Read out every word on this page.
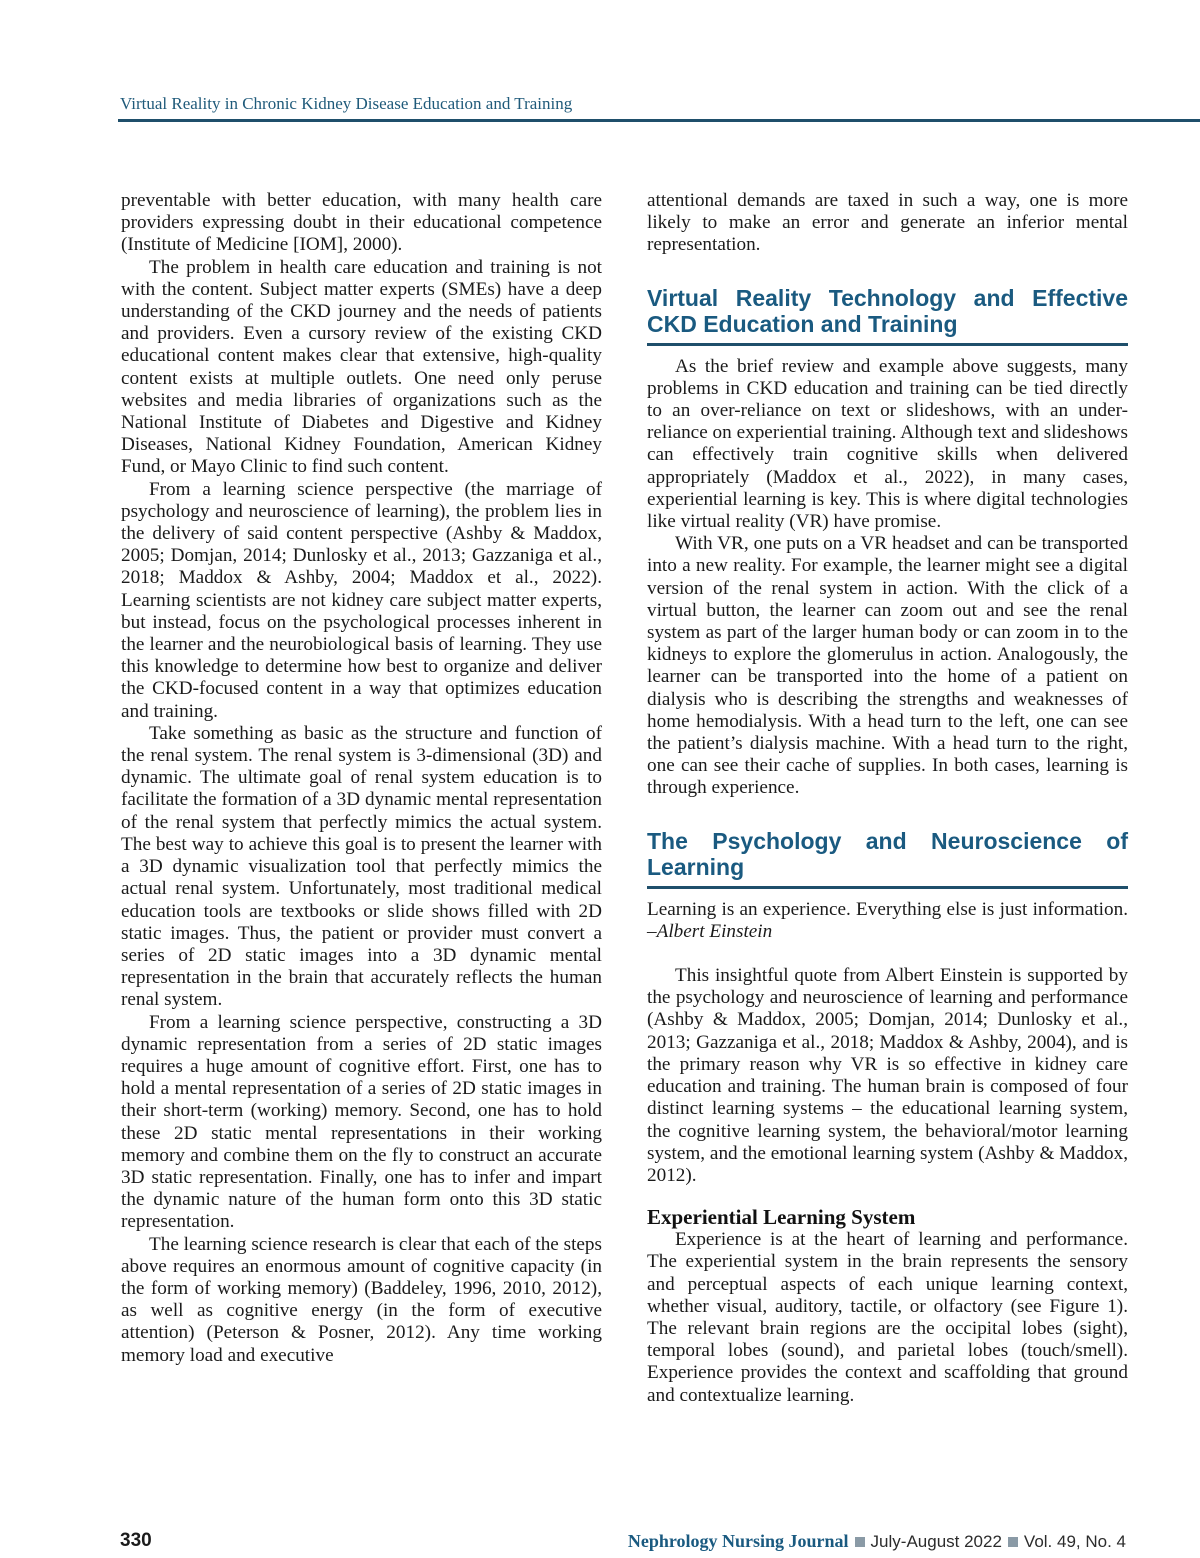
Virtual Reality in Chronic Kidney Disease Education and Training

preventable with better education, with many health care providers expressing doubt in their educational competence (Institute of Medicine [IOM], 2000).

The problem in health care education and training is not with the content. Subject matter experts (SMEs) have a deep understanding of the CKD journey and the needs of patients and providers. Even a cursory review of the existing CKD educational content makes clear that extensive, high-quality content exists at multiple outlets. One need only peruse websites and media libraries of organizations such as the National Institute of Diabetes and Digestive and Kidney Diseases, National Kidney Foundation, American Kidney Fund, or Mayo Clinic to find such content.

From a learning science perspective (the marriage of psychology and neuroscience of learning), the problem lies in the delivery of said content perspective (Ashby & Maddox, 2005; Domjan, 2014; Dunlosky et al., 2013; Gazzaniga et al., 2018; Maddox & Ashby, 2004; Maddox et al., 2022). Learning scientists are not kidney care subject matter experts, but instead, focus on the psychological processes inherent in the learner and the neurobiological basis of learning. They use this knowledge to determine how best to organize and deliver the CKD-focused content in a way that optimizes education and training.

Take something as basic as the structure and function of the renal system. The renal system is 3-dimensional (3D) and dynamic. The ultimate goal of renal system education is to facilitate the formation of a 3D dynamic mental representation of the renal system that perfectly mimics the actual system. The best way to achieve this goal is to present the learner with a 3D dynamic visualization tool that perfectly mimics the actual renal system. Unfortunately, most traditional medical education tools are textbooks or slide shows filled with 2D static images. Thus, the patient or provider must convert a series of 2D static images into a 3D dynamic mental representation in the brain that accurately reflects the human renal system.

From a learning science perspective, constructing a 3D dynamic representation from a series of 2D static images requires a huge amount of cognitive effort. First, one has to hold a mental representation of a series of 2D static images in their short-term (working) memory. Second, one has to hold these 2D static mental representations in their working memory and combine them on the fly to construct an accurate 3D static representation. Finally, one has to infer and impart the dynamic nature of the human form onto this 3D static representation.

The learning science research is clear that each of the steps above requires an enormous amount of cognitive capacity (in the form of working memory) (Baddeley, 1996, 2010, 2012), as well as cognitive energy (in the form of executive attention) (Peterson & Posner, 2012). Any time working memory load and executive

attentional demands are taxed in such a way, one is more likely to make an error and generate an inferior mental representation.

Virtual Reality Technology and Effective CKD Education and Training

As the brief review and example above suggests, many problems in CKD education and training can be tied directly to an over-reliance on text or slideshows, with an under-reliance on experiential training. Although text and slideshows can effectively train cognitive skills when delivered appropriately (Maddox et al., 2022), in many cases, experiential learning is key. This is where digital technologies like virtual reality (VR) have promise.

With VR, one puts on a VR headset and can be transported into a new reality. For example, the learner might see a digital version of the renal system in action. With the click of a virtual button, the learner can zoom out and see the renal system as part of the larger human body or can zoom in to the kidneys to explore the glomerulus in action. Analogously, the learner can be transported into the home of a patient on dialysis who is describing the strengths and weaknesses of home hemodialysis. With a head turn to the left, one can see the patient’s dialysis machine. With a head turn to the right, one can see their cache of supplies. In both cases, learning is through experience.

The Psychology and Neuroscience of Learning

Learning is an experience. Everything else is just information. –Albert Einstein

This insightful quote from Albert Einstein is supported by the psychology and neuroscience of learning and performance (Ashby & Maddox, 2005; Domjan, 2014; Dunlosky et al., 2013; Gazzaniga et al., 2018; Maddox & Ashby, 2004), and is the primary reason why VR is so effective in kidney care education and training. The human brain is composed of four distinct learning systems – the educational learning system, the cognitive learning system, the behavioral/motor learning system, and the emotional learning system (Ashby & Maddox, 2012).

Experiential Learning System

Experience is at the heart of learning and performance. The experiential system in the brain represents the sensory and perceptual aspects of each unique learning context, whether visual, auditory, tactile, or olfactory (see Figure 1). The relevant brain regions are the occipital lobes (sight), temporal lobes (sound), and parietal lobes (touch/smell). Experience provides the context and scaffolding that ground and contextualize learning.

330	Nephrology Nursing Journal July-August 2022 Vol. 49, No. 4
